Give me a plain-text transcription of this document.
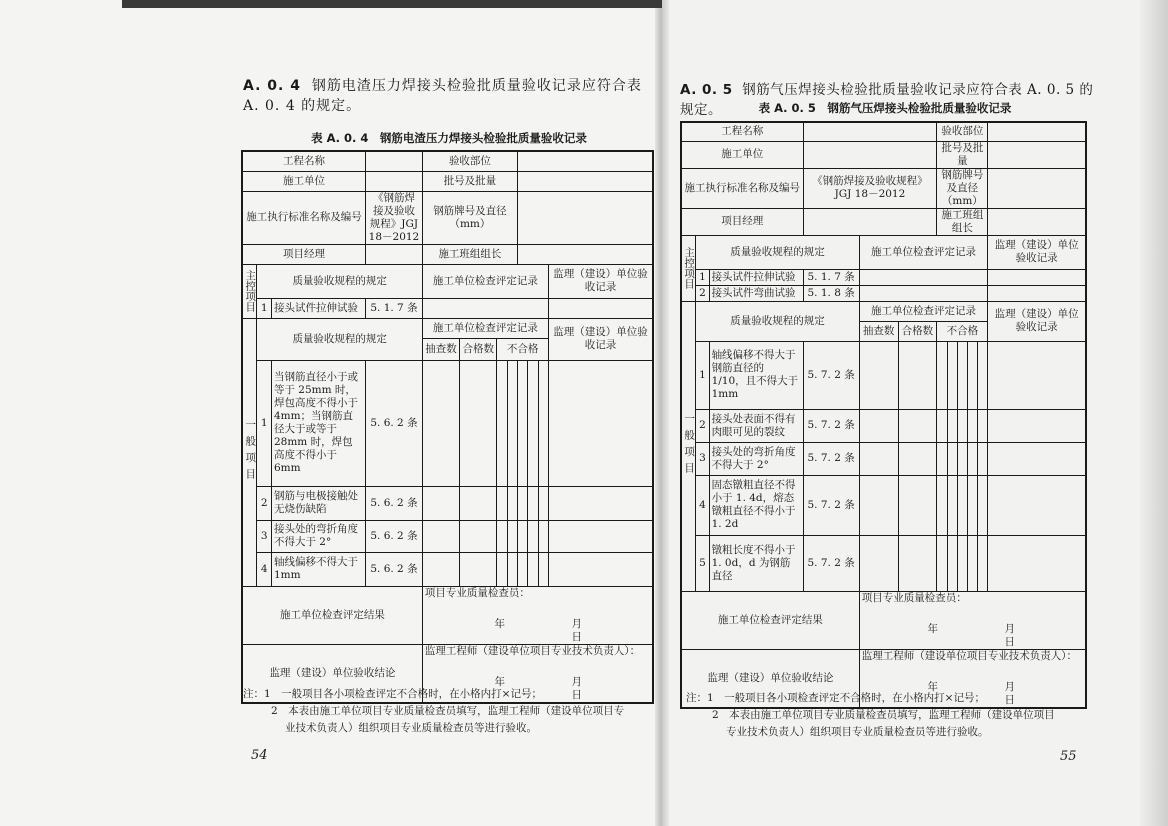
A. 0. 4 钢筋电渣压力焊接头检验批质量验收记录应符合表
A. 0. 4 的规定。
表 A. 0. 4　钢筋电渣压力焊接头检验批质量验收记录
工程名称				验收部位							
施工单位				批号及批量							
施工执行标准名称及编号			《钢筋焊接及验收规程》JGJ 18－2012	钢筋牌号及直径（mm）							
项目经理				施工班组组长							
主控项目	质量验收规程的规定			施工单位检查评定记录							监理（建设）单位验收记录
	1	接头试件拉伸试验	5. 1. 7 条								
一般项目	质量验收规程的规定			施工单位检查评定记录							监理（建设）单位验收记录
				抽查数	合格数	不合格					
	1	当钢筋直径小于或等于 25mm 时，焊包高度不得小于 4mm；当钢筋直径大于或等于 28mm 时，焊包高度不得小于 6mm	5. 6. 2 条								
	2	钢筋与电极接触处无烧伤缺陷	5. 6. 2 条								
	3	接头处的弯折角度不得大于 2°	5. 6. 2 条								
	4	轴线偏移不得大于 1mm	5. 6. 2 条								
施工单位检查评定结果				项目专业质量检查员：
年　月　日							

监理（建设）单位验收结论				监理工程师（建设单位项目专业技术负责人）：
年　月　日							
注：1　一般项目各小项检查评定不合格时，在小格内打×记号；
2　本表由施工单位项目专业质量检查员填写，监理工程师（建设单位项目专
业技术负责人）组织项目专业质量检查员等进行验收。
54
A. 0. 5 钢筋气压焊接头检验批质量验收记录应符合表 A. 0. 5 的规定。	表 A. 0. 5　钢筋气压焊接头检验批质量验收记录
工程名称						验收部位					
施工单位						批号及批量					
施工执行标准名称及编号			《钢筋焊接及验收规程》JGJ 18－2012			钢筋牌号及直径（mm）					
项目经理						施工班组组长					
主控项目	质量验收规程的规定			施工单位检查评定记录							监理（建设）单位验收记录
	1	接头试件拉伸试验	5. 1. 7 条								
	2	接头试件弯曲试验	5. 1. 8 条								
一般项目	质量验收规程的规定			施工单位检查评定记录							监理（建设）单位验收记录
				抽查数	合格数	不合格					
	1	轴线偏移不得大于钢筋直径的 1/10，且不得大于 1mm	5. 7. 2 条								
	2	接头处表面不得有肉眼可见的裂纹	5. 7. 2 条								
	3	接头处的弯折角度不得大于 2°	5. 7. 2 条								
	4	固态镦粗直径不得小于 1. 4d，熔态镦粗直径不得小于 1. 2d	5. 7. 2 条								
	5	镦粗长度不得小于 1. 0d，d 为钢筋直径	5. 7. 2 条								
施工单位检查评定结果				项目专业质量检查员：
年　月　日							

监理（建设）单位验收结论				监理工程师（建设单位项目专业技术负责人）：
年　月　日							
注：1　一般项目各小项检查评定不合格时，在小格内打×记号；
2　本表由施工单位项目专业质量检查员填写，监理工程师（建设单位项目
专业技术负责人）组织项目专业质量检查员等进行验收。
55
